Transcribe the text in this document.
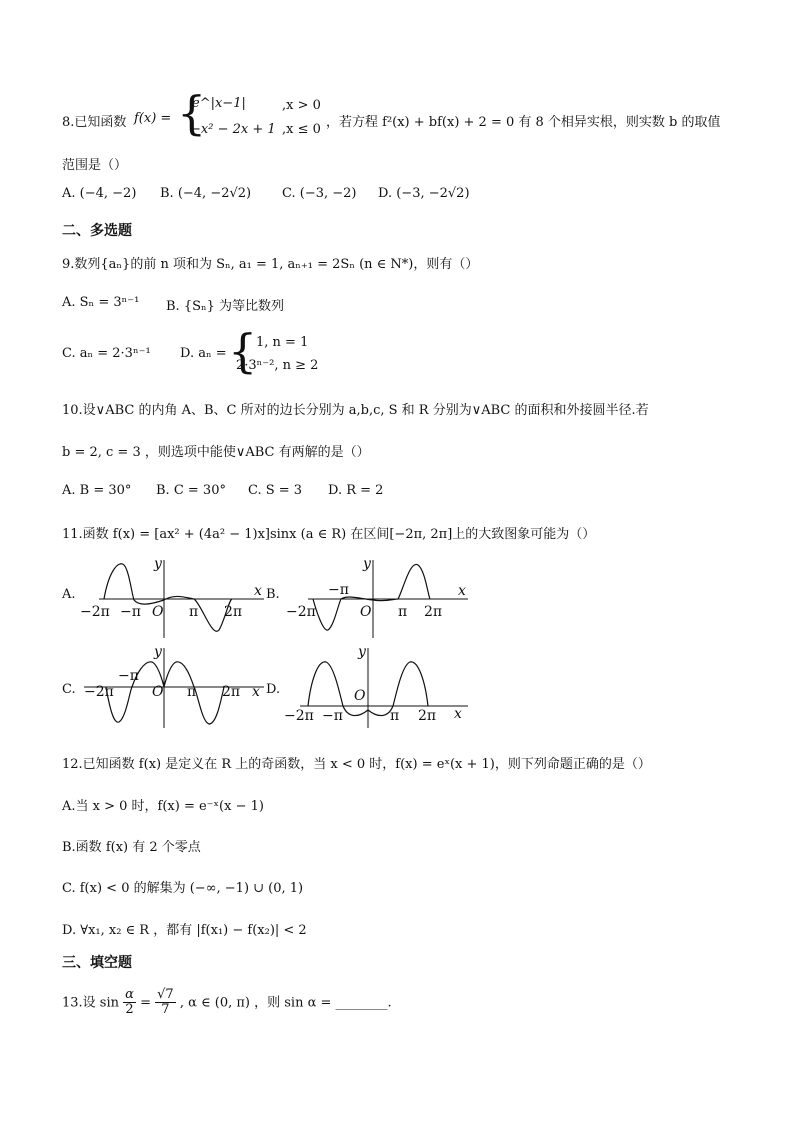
8.已知函数 f(x) = {
e^|x−1|	,x > 0
−x² − 2x + 1 ,x ≤ 0 ，若方程 f²(x) + bf(x) + 2 = 0 有 8 个相异实根，则实数 b 的取值
范围是（）
A. (−4, −2) B. (−4, −2√2) C. (−3, −2) D. (−3, −2√2)
二、多选题
9.数列{aₙ}的前 n 项和为 Sₙ, a₁ = 1, aₙ₊₁ = 2Sₙ (n ∈ N*)，则有（）
A. Sₙ = 3ⁿ⁻¹ B. {Sₙ} 为等比数列
C. aₙ = 2·3ⁿ⁻¹ D. aₙ = {
1, n = 1
2·3ⁿ⁻², n ≥ 2
10.设∨ABC 的内角 A、B、C 所对的边长分别为 a,b,c, S 和 R 分别为∨ABC 的面积和外接圆半径.若
b = 2, c = 3 ，则选项中能使∨ABC 有两解的是（）
A. B = 30° B. C = 30° C. S = 3 D. R = 2
11.函数 f(x) = [ax² + (4a² − 1)x]sinx (a ∈ R) 在区间[−2π, 2π]上的大致图象可能为（）
A.
−2π −π O π 2π
x
y
B.
−2π
−π
O π 2π
x
y
C. −2π
−π
O π 2π x
y
D.
−2π −π
O
π 2π x
y
12.已知函数 f(x) 是定义在 R 上的奇函数，当 x < 0 时，f(x) = eˣ(x + 1)，则下列命题正确的是（）
A.当 x > 0 时，f(x) = e⁻ˣ(x − 1)
B.函数 f(x) 有 2 个零点
C. f(x) < 0 的解集为 (−∞, −1) ∪ (0, 1)
D. ∀x₁, x₂ ∈ R ，都有 |f(x₁) − f(x₂)| < 2
三、填空题
13.设 $\sin \frac{\alpha}{2} = \frac{√7}{7}$ , α ∈ (0, π) ，则 sin α = ________.
